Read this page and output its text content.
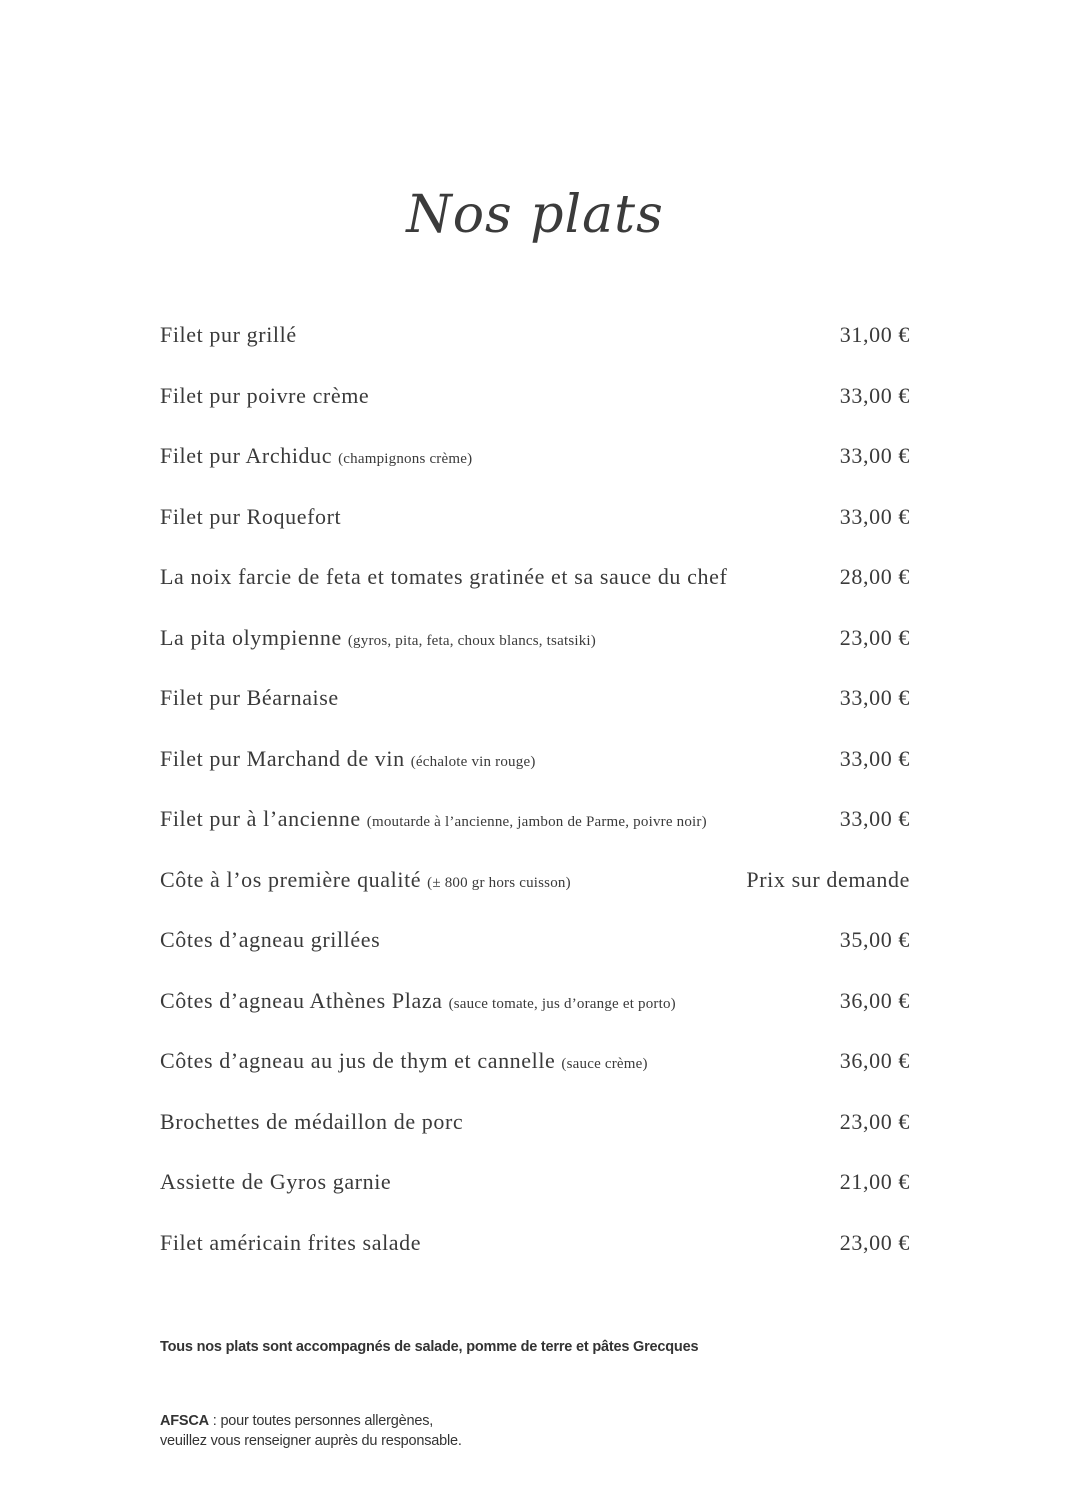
Nos plats
Filet pur grillé	31,00 €
Filet pur poivre crème	33,00 €
Filet pur Archiduc (champignons crème)	33,00 €
Filet pur Roquefort	33,00 €
La noix farcie de feta et tomates gratinée et sa sauce du chef	28,00 €
La pita olympienne (gyros, pita, feta, choux blancs, tsatsiki)	23,00 €
Filet pur Béarnaise	33,00 €
Filet pur Marchand de vin (échalote vin rouge)	33,00 €
Filet pur à l’ancienne (moutarde à l’ancienne, jambon de Parme, poivre noir)	33,00 €
Côte à l’os première qualité (± 800 gr hors cuisson)	Prix sur demande
Côtes d’agneau grillées	35,00 €
Côtes d’agneau Athènes Plaza (sauce tomate, jus d’orange et porto)	36,00 €
Côtes d’agneau au jus de thym et cannelle (sauce crème)	36,00 €
Brochettes de médaillon de porc	23,00 €
Assiette de Gyros garnie	21,00 €
Filet américain frites salade	23,00 €

Tous nos plats sont accompagnés de salade, pomme de terre et pâtes Grecques

AFSCA : pour toutes personnes allergènes,
veuillez vous renseigner auprès du responsable.
